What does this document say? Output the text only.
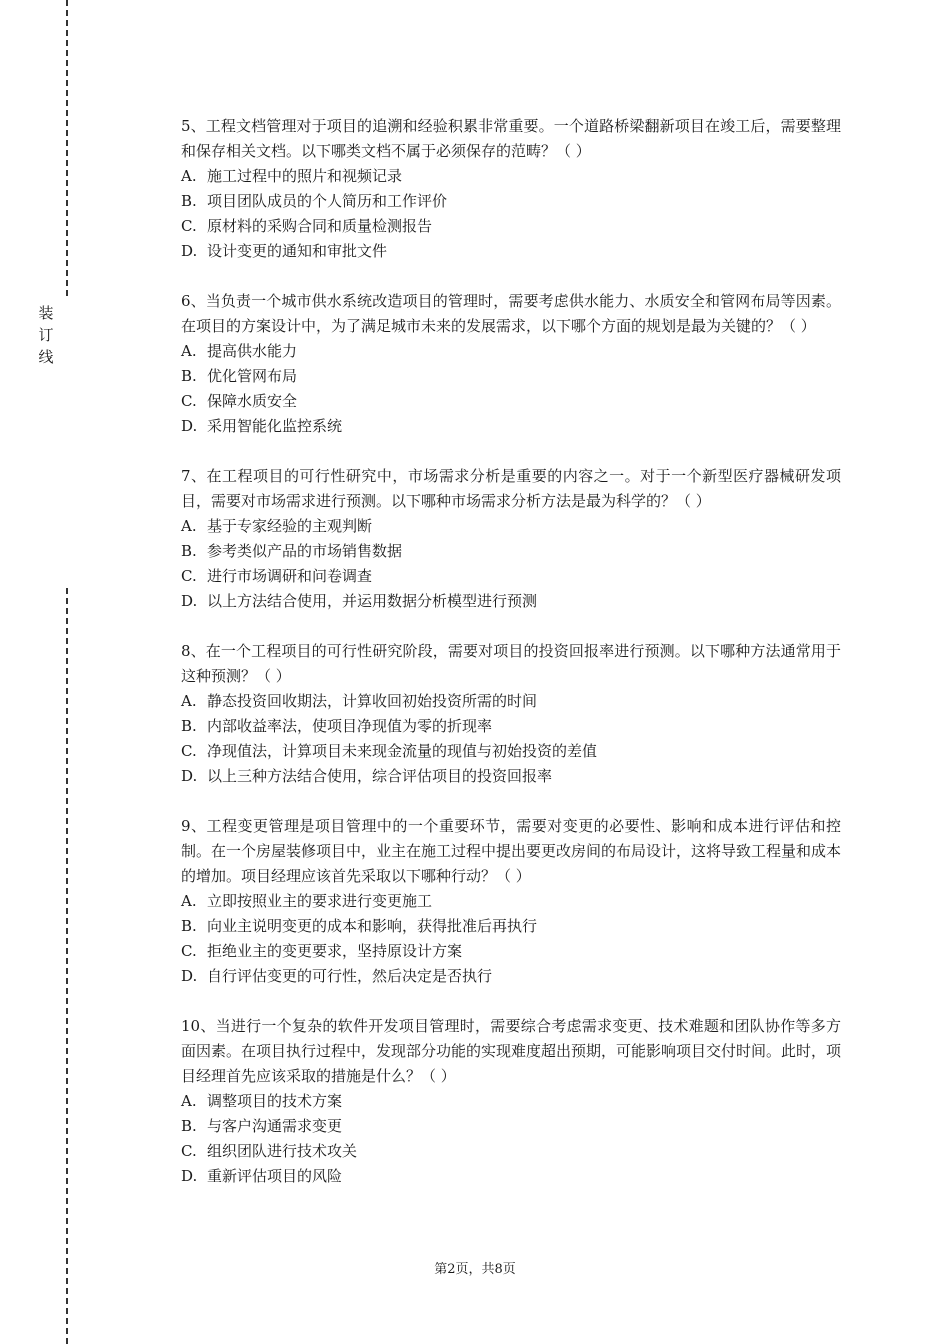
装
订
线

5、工程文档管理对于项目的追溯和经验积累非常重要。一个道路桥梁翻新项目在竣工后，需要整理和保存相关文档。以下哪类文档不属于必须保存的范畴？（ ）

A. 施工过程中的照片和视频记录

B. 项目团队成员的个人简历和工作评价

C. 原材料的采购合同和质量检测报告

D. 设计变更的通知和审批文件

6、当负责一个城市供水系统改造项目的管理时，需要考虑供水能力、水质安全和管网布局等因素。在项目的方案设计中，为了满足城市未来的发展需求，以下哪个方面的规划是最为关键的？（ ）

A. 提高供水能力

B. 优化管网布局

C. 保障水质安全

D. 采用智能化监控系统

7、在工程项目的可行性研究中，市场需求分析是重要的内容之一。对于一个新型医疗器械研发项目，需要对市场需求进行预测。以下哪种市场需求分析方法是最为科学的？（ ）

A. 基于专家经验的主观判断

B. 参考类似产品的市场销售数据

C. 进行市场调研和问卷调查

D. 以上方法结合使用，并运用数据分析模型进行预测

8、在一个工程项目的可行性研究阶段，需要对项目的投资回报率进行预测。以下哪种方法通常用于这种预测？（ ）

A. 静态投资回收期法，计算收回初始投资所需的时间

B. 内部收益率法，使项目净现值为零的折现率

C. 净现值法，计算项目未来现金流量的现值与初始投资的差值

D. 以上三种方法结合使用，综合评估项目的投资回报率

9、工程变更管理是项目管理中的一个重要环节，需要对变更的必要性、影响和成本进行评估和控制。在一个房屋装修项目中，业主在施工过程中提出要更改房间的布局设计，这将导致工程量和成本的增加。项目经理应该首先采取以下哪种行动？（ ）

A. 立即按照业主的要求进行变更施工

B. 向业主说明变更的成本和影响，获得批准后再执行

C. 拒绝业主的变更要求，坚持原设计方案

D. 自行评估变更的可行性，然后决定是否执行

10、当进行一个复杂的软件开发项目管理时，需要综合考虑需求变更、技术难题和团队协作等多方面因素。在项目执行过程中，发现部分功能的实现难度超出预期，可能影响项目交付时间。此时，项目经理首先应该采取的措施是什么？（ ）

A. 调整项目的技术方案

B. 与客户沟通需求变更

C. 组织团队进行技术攻关

D. 重新评估项目的风险

第2页，共8页
